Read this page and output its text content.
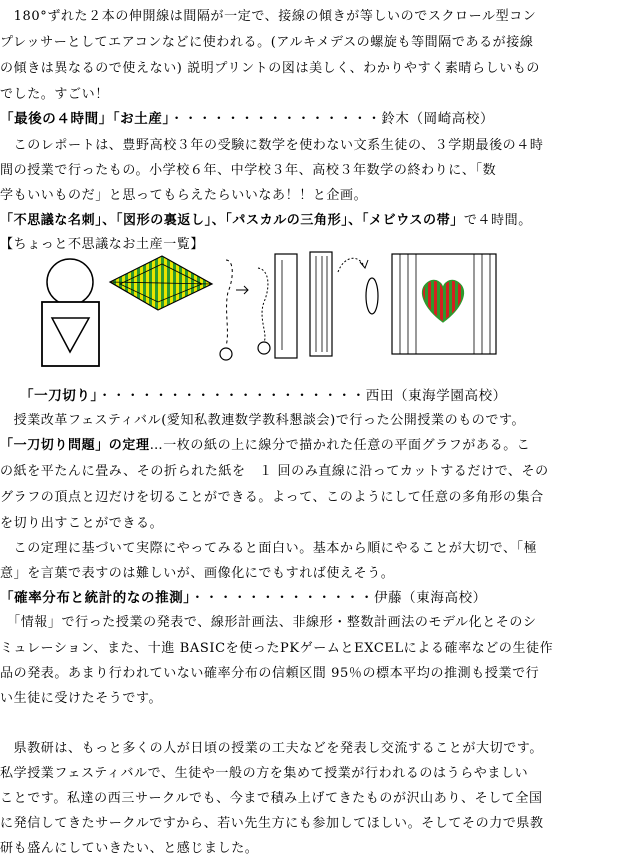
　180°ずれた２本の伸開線は間隔が一定で、接線の傾きが等しいのでスクロール型コン
プレッサーとしてエアコンなどに使われる。(アルキメデスの螺旋も等間隔であるが接線
の傾きは異なるので使えない) 説明プリントの図は美しく、わかりやすく素晴らしいもの
でした。すごい！
「最後の４時間」「お土産」・・・・・・・・・・・・・・・鈴木（岡崎高校）
　このレポートは、豊野高校３年の受験に数学を使わない文系生徒の、３学期最後の４時
間の授業で行ったもの。小学校６年、中学校３年、高校３年数学の終わりに、「数
学もいいものだ」と思ってもらえたらいいなあ！！と企画。
「不思議な名刺」、「図形の裏返し」、「パスカルの三角形」、「メビウスの帯」で４時間。
【ちょっと不思議なお土産一覧】
「一刀切り」・・・・・・・・・・・・・・・・・・・西田（東海学園高校）
　授業改革フェスティバル(愛知私教連数学教科懇談会)で行った公開授業のものです。
「一刀切り問題」の定理…一枚の紙の上に線分で描かれた任意の平面グラフがある。こ
の紙を平たんに畳み、その折られた紙を　１ 回のみ直線に沿ってカットするだけで、その
グラフの頂点と辺だけを切ることができる。よって、このようにして任意の多角形の集合
を切り出すことができる。
　この定理に基づいて実際にやってみると面白い。基本から順にやることが大切で、「極
意」を言葉で表すのは難しいが、画像化にでもすれば使えそう。
「確率分布と統計的なの推測」・・・・・・・・・・・・・伊藤（東海高校）
　「情報」で行った授業の発表で、線形計画法、非線形・整数計画法のモデル化とそのシ
ミュレーション、また、十進 BASICを使ったPKゲームとEXCELによる確率などの生徒作
品の発表。あまり行われていない確率分布の信頼区間 95％の標本平均の推測も授業で行
い生徒に受けたそうです。
　県教研は、もっと多くの人が日頃の授業の工夫などを発表し交流することが大切です。
私学授業フェスティバルで、生徒や一般の方を集めて授業が行われるのはうらやましい
ことです。私達の西三サークルでも、今まで積み上げてきたものが沢山あり、そして全国
に発信してきたサークルですから、若い先生方にも参加してほしい。そしてその力で県教
研も盛んにしていきたい、と感じました。
